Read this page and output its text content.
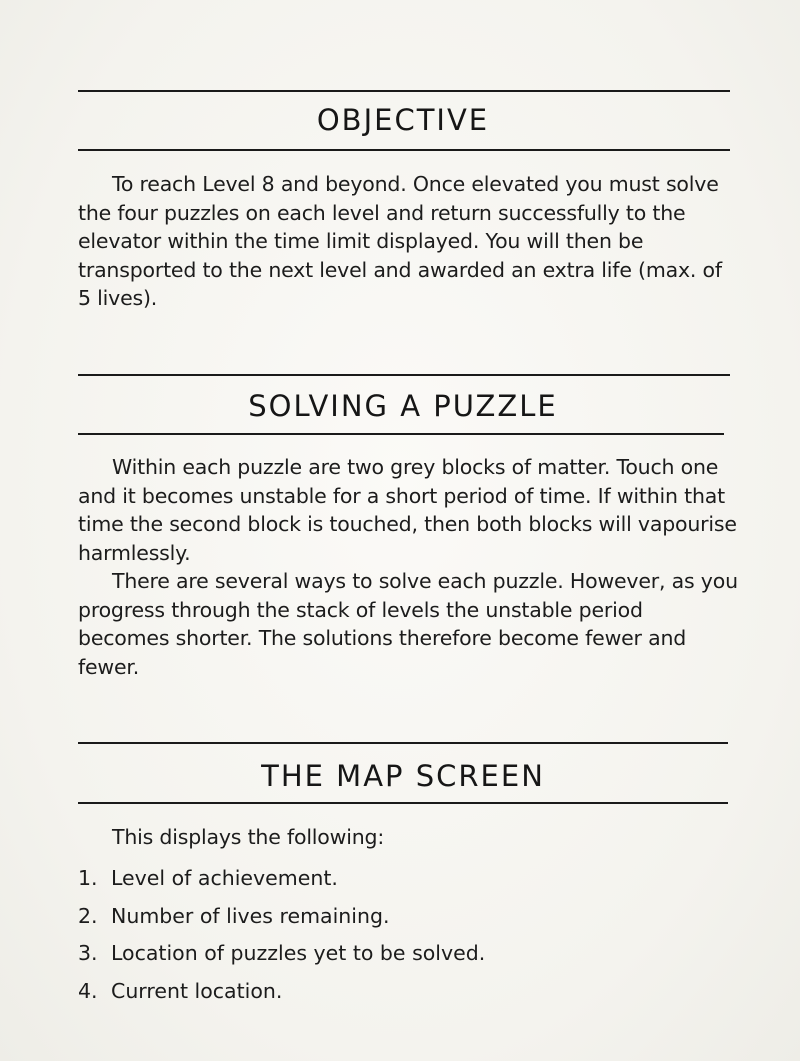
OBJECTIVE

To reach Level 8 and beyond. Once elevated you must solve the four puzzles on each level and return successfully to the elevator within the time limit displayed. You will then be transported to the next level and awarded an extra life (max. of 5 lives).

SOLVING A PUZZLE

Within each puzzle are two grey blocks of matter. Touch one and it becomes unstable for a short period of time. If within that time the second block is touched, then both blocks will vapourise harmlessly.

There are several ways to solve each puzzle. However, as you progress through the stack of levels the unstable period becomes shorter. The solutions therefore become fewer and fewer.

THE MAP SCREEN

This displays the following:

1. Level of achievement.
2. Number of lives remaining.
3. Location of puzzles yet to be solved.
4. Current location.
